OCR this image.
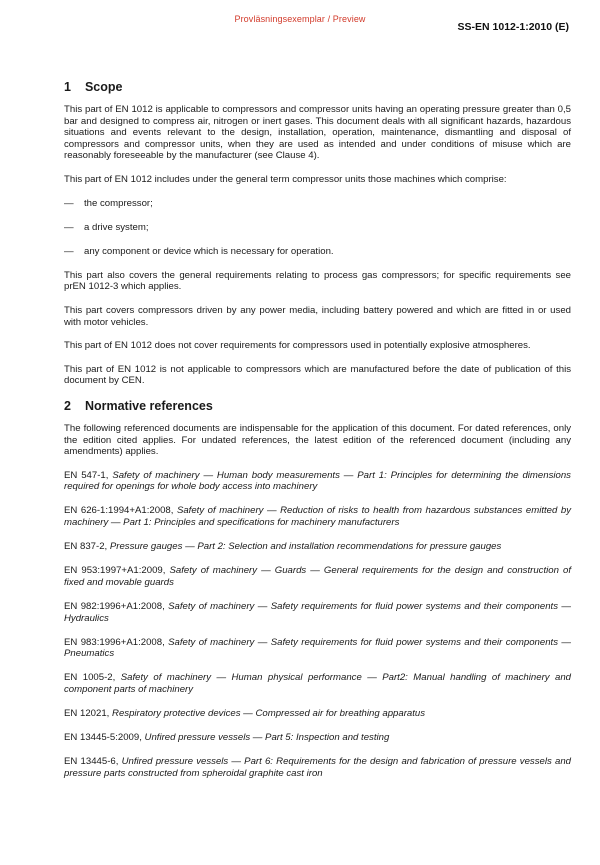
Provläsningsexemplar / Preview
SS-EN 1012-1:2010 (E)
1 Scope

This part of EN 1012 is applicable to compressors and compressor units having an operating pressure greater than 0,5 bar and designed to compress air, nitrogen or inert gases. This document deals with all significant hazards, hazardous situations and events relevant to the design, installation, operation, maintenance, dismantling and disposal of compressors and compressor units, when they are used as intended and under conditions of misuse which are reasonably foreseeable by the manufacturer (see Clause 4).

This part of EN 1012 includes under the general term compressor units those machines which comprise:

—	the compressor;
—	a drive system;
—	any component or device which is necessary for operation.

This part also covers the general requirements relating to process gas compressors; for specific requirements see prEN 1012-3 which applies.

This part covers compressors driven by any power media, including battery powered and which are fitted in or used with motor vehicles.

This part of EN 1012 does not cover requirements for compressors used in potentially explosive atmospheres.

This part of EN 1012 is not applicable to compressors which are manufactured before the date of publication of this document by CEN.

2 Normative references

The following referenced documents are indispensable for the application of this document. For dated references, only the edition cited applies. For undated references, the latest edition of the referenced document (including any amendments) applies.

EN 547-1, Safety of machinery — Human body measurements — Part 1: Principles for determining the dimensions required for openings for whole body access into machinery
EN 626-1:1994+A1:2008, Safety of machinery — Reduction of risks to health from hazardous substances emitted by machinery — Part 1: Principles and specifications for machinery manufacturers
EN 837-2, Pressure gauges — Part 2: Selection and installation recommendations for pressure gauges
EN 953:1997+A1:2009, Safety of machinery — Guards — General requirements for the design and construction of fixed and movable guards
EN 982:1996+A1:2008, Safety of machinery — Safety requirements for fluid power systems and their components — Hydraulics
EN 983:1996+A1:2008, Safety of machinery — Safety requirements for fluid power systems and their components — Pneumatics
EN 1005-2, Safety of machinery — Human physical performance — Part2: Manual handling of machinery and component parts of machinery
EN 12021, Respiratory protective devices — Compressed air for breathing apparatus
EN 13445-5:2009, Unfired pressure vessels — Part 5: Inspection and testing
EN 13445-6, Unfired pressure vessels — Part 6: Requirements for the design and fabrication of pressure vessels and pressure parts constructed from spheroidal graphite cast iron
